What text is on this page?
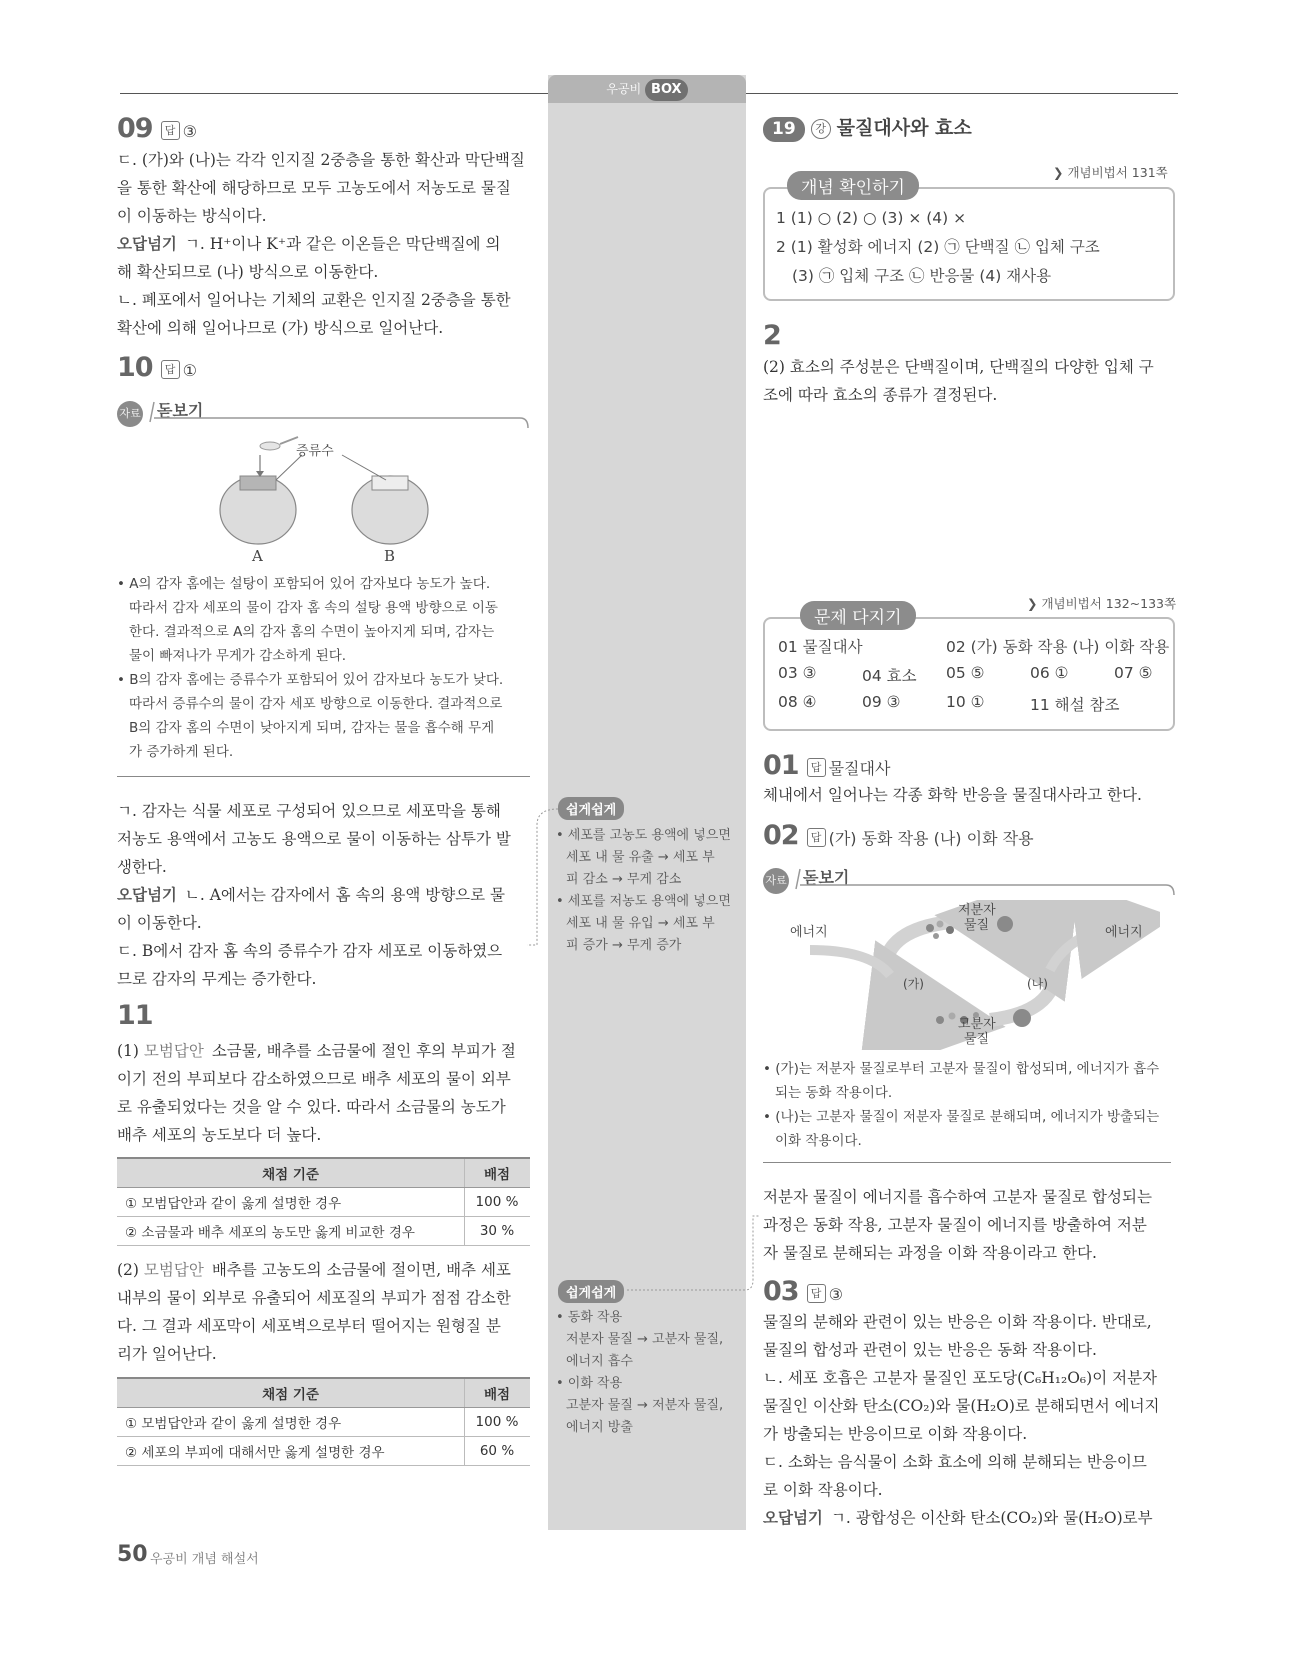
우공비 BOX
09 답 ③

ㄷ. (가)와 (나)는 각각 인지질 2중층을 통한 확산과 막단백질

을 통한 확산에 해당하므로 모두 고농도에서 저농도로 물질

이 이동하는 방식이다.

오답넘기 ㄱ. H⁺이나 K⁺과 같은 이온들은 막단백질에 의

해 확산되므로 (나) 방식으로 이동한다.

ㄴ. 폐포에서 일어나는 기체의 교환은 인지질 2중층을 통한

확산에 의해 일어나므로 (가) 방식으로 일어난다.

10 답 ①
자료 돋보기
증류수
A	B

• A의 감자 홈에는 설탕이 포함되어 있어 감자보다 농도가 높다.

따라서 감자 세포의 물이 감자 홈 속의 설탕 용액 방향으로 이동

한다. 결과적으로 A의 감자 홈의 수면이 높아지게 되며, 감자는

물이 빠져나가 무게가 감소하게 된다.

• B의 감자 홈에는 증류수가 포함되어 있어 감자보다 농도가 낮다.

따라서 증류수의 물이 감자 세포 방향으로 이동한다. 결과적으로

B의 감자 홈의 수면이 낮아지게 되며, 감자는 물을 흡수해 무게

가 증가하게 된다.

ㄱ. 감자는 식물 세포로 구성되어 있으므로 세포막을 통해

저농도 용액에서 고농도 용액으로 물이 이동하는 삼투가 발

생한다.

오답넘기 ㄴ. A에서는 감자에서 홈 속의 용액 방향으로 물

이 이동한다.

ㄷ. B에서 감자 홈 속의 증류수가 감자 세포로 이동하였으

므로 감자의 무게는 증가한다.

11

(1) 모범답안 소금물, 배추를 소금물에 절인 후의 부피가 절

이기 전의 부피보다 감소하였으므로 배추 세포의 물이 외부

로 유출되었다는 것을 알 수 있다. 따라서 소금물의 농도가

배추 세포의 농도보다 더 높다.

채점 기준	배점
① 모범답안과 같이 옳게 설명한 경우	100 %
② 소금물과 배추 세포의 농도만 옳게 비교한 경우	30 %

(2) 모범답안 배추를 고농도의 소금물에 절이면, 배추 세포

내부의 물이 외부로 유출되어 세포질의 부피가 점점 감소한

다. 그 결과 세포막이 세포벽으로부터 떨어지는 원형질 분

리가 일어난다.

채점 기준	배점
① 모범답안과 같이 옳게 설명한 경우	100 %
② 세포의 부피에 대해서만 옳게 설명한 경우	60 %
쉽게쉽게

• 세포를 고농도 용액에 넣으면

세포 내 물 유출 → 세포 부

피 감소 → 무게 감소

• 세포를 저농도 용액에 넣으면

세포 내 물 유입 → 세포 부

피 증가 → 무게 증가

쉽게쉽게

• 동화 작용

저분자 물질 → 고분자 물질,

에너지 흡수

• 이화 작용

고분자 물질 → 저분자 물질,

에너지 방출

19 강 물질대사와 효소
❯ 개념비법서 131쪽
개념 확인하기
1 (1) ○ (2) ○ (3) × (4) ×
2 (1) 활성화 에너지 (2) ㉠ 단백질 ㉡ 입체 구조
(3) ㉠ 입체 구조 ㉡ 반응물 (4) 재사용
2

(2) 효소의 주성분은 단백질이며, 단백질의 다양한 입체 구

조에 따라 효소의 종류가 결정된다.

❯ 개념비법서 132~133쪽
문제 다지기
01 물질대사	02 (가) 동화 작용 (나) 이화 작용
03 ③	04 효소 05 ⑤	06 ①	07 ⑤
08 ④	09 ③	10 ①	11 해설 참조
01 답 물질대사

체내에서 일어나는 각종 화학 반응을 물질대사라고 한다.

02 답 (가) 동화 작용 (나) 이화 작용
자료 돋보기
저분자 물질
고분자 물질
에너지	에너지
(가)	(나)

• (가)는 저분자 물질로부터 고분자 물질이 합성되며, 에너지가 흡수

되는 동화 작용이다.

• (나)는 고분자 물질이 저분자 물질로 분해되며, 에너지가 방출되는

이화 작용이다.

저분자 물질이 에너지를 흡수하여 고분자 물질로 합성되는

과정은 동화 작용, 고분자 물질이 에너지를 방출하여 저분

자 물질로 분해되는 과정을 이화 작용이라고 한다.

03 답 ③

물질의 분해와 관련이 있는 반응은 이화 작용이다. 반대로,

물질의 합성과 관련이 있는 반응은 동화 작용이다.

ㄴ. 세포 호흡은 고분자 물질인 포도당(C₆H₁₂O₆)이 저분자

물질인 이산화 탄소(CO₂)와 물(H₂O)로 분해되면서 에너지

가 방출되는 반응이므로 이화 작용이다.

ㄷ. 소화는 음식물이 소화 효소에 의해 분해되는 반응이므

로 이화 작용이다.

오답넘기 ㄱ. 광합성은 이산화 탄소(CO₂)와 물(H₂O)로부

50 우공비 개념 해설서
